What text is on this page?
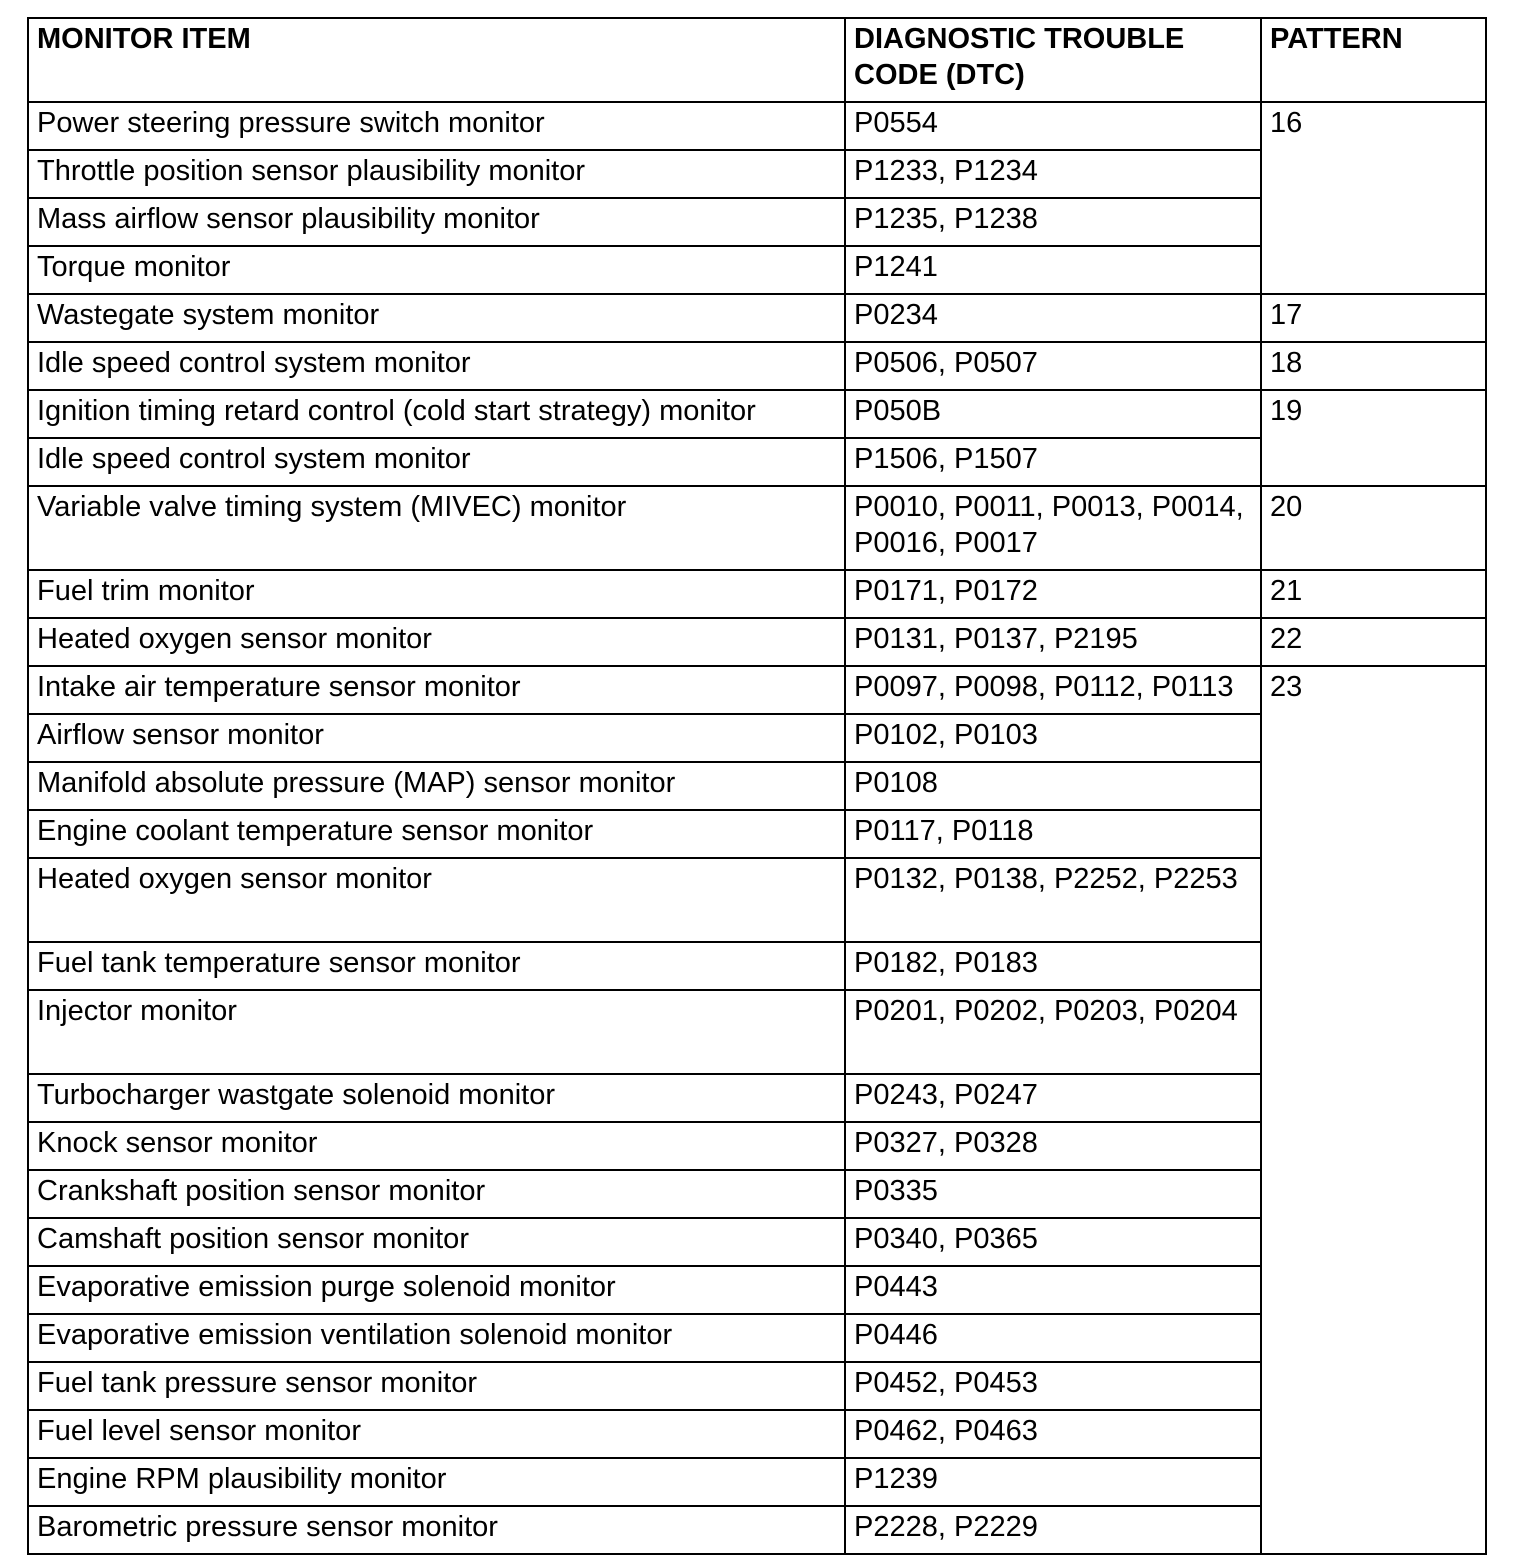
MONITOR ITEM	DIAGNOSTIC TROUBLE CODE (DTC)	PATTERN
Power steering pressure switch monitor	P0554	16
Throttle position sensor plausibility monitor	P1233, P1234	
Mass airflow sensor plausibility monitor	P1235, P1238	
Torque monitor	P1241	
Wastegate system monitor	P0234	17
Idle speed control system monitor	P0506, P0507	18
Ignition timing retard control (cold start strategy) monitor	P050B	19
Idle speed control system monitor	P1506, P1507	
Variable valve timing system (MIVEC) monitor	P0010, P0011, P0013, P0014, P0016, P0017	20
Fuel trim monitor	P0171, P0172	21
Heated oxygen sensor monitor	P0131, P0137, P2195	22
Intake air temperature sensor monitor	P0097, P0098, P0112, P0113	23
Airflow sensor monitor	P0102, P0103	
Manifold absolute pressure (MAP) sensor monitor	P0108	
Engine coolant temperature sensor monitor	P0117, P0118	
Heated oxygen sensor monitor	P0132, P0138, P2252, P2253	
Fuel tank temperature sensor monitor	P0182, P0183	
Injector monitor	P0201, P0202, P0203, P0204	
Turbocharger wastgate solenoid monitor	P0243, P0247	
Knock sensor monitor	P0327, P0328	
Crankshaft position sensor monitor	P0335	
Camshaft position sensor monitor	P0340, P0365	
Evaporative emission purge solenoid monitor	P0443	
Evaporative emission ventilation solenoid monitor	P0446	
Fuel tank pressure sensor monitor	P0452, P0453	
Fuel level sensor monitor	P0462, P0463	
Engine RPM plausibility monitor	P1239	
Barometric pressure sensor monitor	P2228, P2229	
